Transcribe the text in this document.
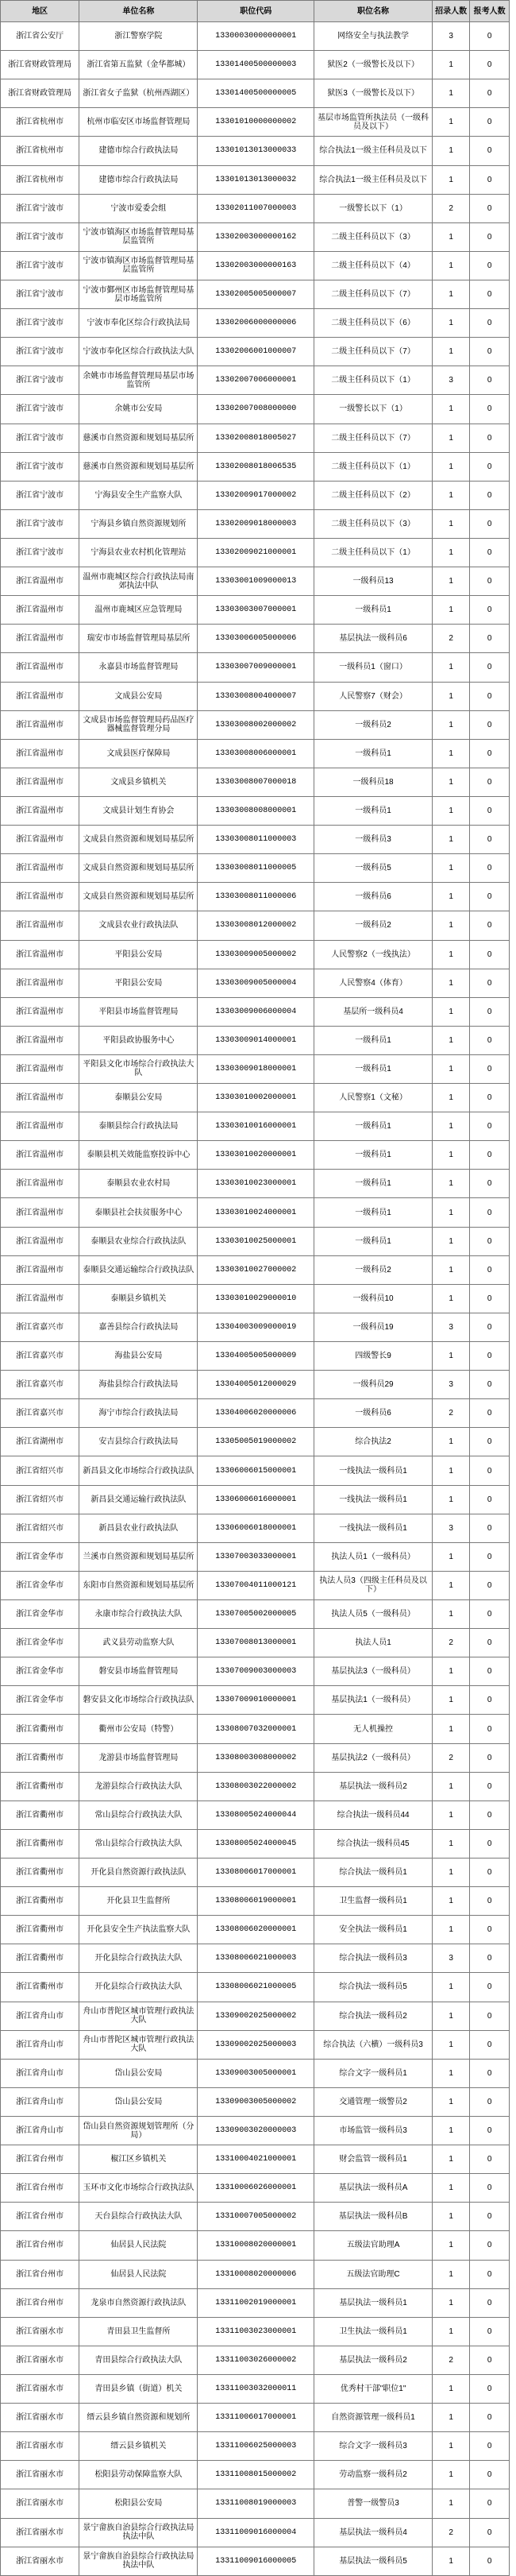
地区	单位名称	职位代码	职位名称	招录人数	报考人数
浙江省公安厅	浙江警察学院	13300030000000001	网络安全与执法教学	3	0
浙江省财政管理局	浙江省第五监狱（金华都城）	13301400500000003	狱医2（一级警长及以下）	1	0
浙江省财政管理局	浙江省女子监狱（杭州西湖区）	13301400500000005	狱医3（一级警长及以下）	1	0
浙江省杭州市	杭州市临安区市场监督管理局	13301010000000002	基层市场监管所执法员（一级科员及以下）	1	0
浙江省杭州市	建德市综合行政执法局	13301013013000033	综合执法1一级主任科员及以下	1	0
浙江省杭州市	建德市综合行政执法局	13301013013000032	综合执法1一级主任科员及以下	1	0
浙江省宁波市	宁波市爱委会组	13302011007000003	一级警长以下（1）	2	0
浙江省宁波市	宁波市镇海区市场监督管理局基层监管所	13302003000000162	二级主任科员以下（3）	1	0
浙江省宁波市	宁波市镇海区市场监督管理局基层监管所	13302003000000163	二级主任科员以下（4）	1	0
浙江省宁波市	宁波市鄞州区市场监督管理局基层市场监管所	13302005005000007	二级主任科员以下（7）	1	0
浙江省宁波市	宁波市奉化区综合行政执法局	13302006000000006	二级主任科员以下（6）	1	0
浙江省宁波市	宁波市奉化区综合行政执法大队	13302006001000007	二级主任科员以下（7）	1	0
浙江省宁波市	余姚市市场监督管理局基层市场监管所	13302007006000001	二级主任科员以下（1）	3	0
浙江省宁波市	余姚市公安局	13302007008000000	一级警长以下（1）	1	0
浙江省宁波市	慈溪市自然资源和规划局基层所	13302008018005027	二级主任科员以下（7）	1	0
浙江省宁波市	慈溪市自然资源和规划局基层所	13302008018006535	二级主任科员以下（1）	1	0
浙江省宁波市	宁海县安全生产监察大队	13302009017000002	二级主任科员以下（2）	1	0
浙江省宁波市	宁海县乡镇自然资源规划所	13302009018000003	二级主任科员以下（3）	1	0
浙江省宁波市	宁海县农业农村机化管理站	13302009021000001	二级主任科员以下（1）	1	0
浙江省温州市	温州市鹿城区综合行政执法局南郊执法中队	13303001009000013	一级科员13	1	0
浙江省温州市	温州市鹿城区应急管理局	13303003007000001	一级科员1	1	0
浙江省温州市	瑞安市市场监督管理局基层所	13303006005000006	基层执法一级科员6	2	0
浙江省温州市	永嘉县市场监督管理局	13303007009000001	一级科员1（窗口）	1	0
浙江省温州市	文成县公安局	13303008004000007	人民警察7（财会）	1	0
浙江省温州市	文成县市场监督管理局药品医疗器械监督管理分局	13303008002000002	一级科员2	1	0
浙江省温州市	文成县医疗保障局	13303008006000001	一级科员1	1	0
浙江省温州市	文成县乡镇机关	13303008007000018	一级科员18	1	0
浙江省温州市	文成县计划生育协会	13303008008000001	一级科员1	1	0
浙江省温州市	文成县自然资源和规划局基层所	13303008011000003	一级科员3	1	0
浙江省温州市	文成县自然资源和规划局基层所	13303008011000005	一级科员5	1	0
浙江省温州市	文成县自然资源和规划局基层所	13303008011000006	一级科员6	1	0
浙江省温州市	文成县农业行政执法队	13303008012000002	一级科员2	1	0
浙江省温州市	平阳县公安局	13303009005000002	人民警察2（一线执法）	1	0
浙江省温州市	平阳县公安局	13303009005000004	人民警察4（体育）	1	0
浙江省温州市	平阳县市场监督管理局	13303009006000004	基层所一级科员4	1	0
浙江省温州市	平阳县政协服务中心	13303009014000001	一级科员1	1	0
浙江省温州市	平阳县文化市场综合行政执法大队	13303009018000001	一级科员1	1	0
浙江省温州市	泰顺县公安局	13303010002000001	人民警察1（文秘）	1	0
浙江省温州市	泰顺县综合行政执法局	13303010016000001	一级科员1	1	0
浙江省温州市	泰顺县机关效能监察投诉中心	13303010020000001	一级科员1	1	0
浙江省温州市	泰顺县农业农村局	13303010023000001	一级科员1	1	0
浙江省温州市	泰顺县社会扶贫服务中心	13303010024000001	一级科员1	1	0
浙江省温州市	泰顺县农业综合行政执法队	13303010025000001	一级科员1	1	0
浙江省温州市	泰顺县交通运输综合行政执法队	13303010027000002	一级科员2	1	0
浙江省温州市	泰顺县乡镇机关	13303010029000010	一级科员10	1	0
浙江省嘉兴市	嘉善县综合行政执法局	13304003009000019	一级科员19	3	0
浙江省嘉兴市	海盐县公安局	13304005005000009	四级警长9	1	0
浙江省嘉兴市	海盐县综合行政执法局	13304005012000029	一级科员29	3	0
浙江省嘉兴市	海宁市综合行政执法局	13304006020000006	一级科员6	2	0
浙江省湖州市	安吉县综合行政执法局	13305005019000002	综合执法2	1	0
浙江省绍兴市	新昌县文化市场综合行政执法队	13306006015000001	一线执法一级科员1	1	0
浙江省绍兴市	新昌县交通运输行政执法队	13306006016000001	一线执法一级科员1	1	0
浙江省绍兴市	新昌县农业行政执法队	13306006018000001	一线执法一级科员1	3	0
浙江省金华市	兰溪市自然资源和规划局基层所	13307003033000001	执法人员1（一级科员）	1	0
浙江省金华市	东阳市自然资源和规划局基层所	13307004011000121	执法人员3（四级主任科员及以下）	1	0
浙江省金华市	永康市综合行政执法大队	13307005002000005	执法人员5（一级科员）	1	0
浙江省金华市	武义县劳动监察大队	13307008013000001	执法人员1	2	0
浙江省金华市	磐安县市场监督管理局	13307009003000003	基层执法3（一级科员）	1	0
浙江省金华市	磐安县文化市场综合行政执法队	13307009010000001	基层执法1（一级科员）	1	0
浙江省衢州市	衢州市公安局（特警）	13308007032000001	无人机操控	1	0
浙江省衢州市	龙游县市场监督管理局	13308003008000002	基层执法2（一级科员）	2	0
浙江省衢州市	龙游县综合行政执法大队	13308003022000002	基层执法一级科员2	1	0
浙江省衢州市	常山县综合行政执法大队	13308005024000044	综合执法一级科员44	1	0
浙江省衢州市	常山县综合行政执法大队	13308005024000045	综合执法一级科员45	1	0
浙江省衢州市	开化县自然资源行政执法队	13308006017000001	综合执法一级科员1	1	0
浙江省衢州市	开化县卫生监督所	13308006019000001	卫生监督一级科员1	1	0
浙江省衢州市	开化县安全生产执法监察大队	13308006020000001	安全执法一级科员1	1	0
浙江省衢州市	开化县综合行政执法大队	13308006021000003	综合执法一级科员3	3	0
浙江省衢州市	开化县综合行政执法大队	13308006021000005	综合执法一级科员5	1	0
浙江省舟山市	舟山市普陀区城市管理行政执法大队	13309002025000002	综合执法一级科员2	1	0
浙江省舟山市	舟山市普陀区城市管理行政执法大队	13309002025000003	综合执法（六横）一级科员3	1	0
浙江省舟山市	岱山县公安局	13309003005000001	综合文字一级科员1	1	0
浙江省舟山市	岱山县公安局	13309003005000002	交通管理一级警员2	1	0
浙江省舟山市	岱山县自然资源规划管理所（分局）	13309003020000003	市场监管一级科员3	1	0
浙江省台州市	椒江区乡镇机关	13310004021000001	财会监管一级科员1	1	0
浙江省台州市	玉环市文化市场综合行政执法队	13310006026000001	基层执法一级科员A	1	0
浙江省台州市	天台县综合行政执法大队	13310007005000002	基层执法一级科员B	1	0
浙江省台州市	仙居县人民法院	13310008020000001	五级法官助理A	1	0
浙江省台州市	仙居县人民法院	13310008020000006	五级法官助理C	1	0
浙江省台州市	龙泉市自然资源行政执法队	13311002019000001	基层执法一级科员1	1	0
浙江省丽水市	青田县卫生监督所	13311003023000001	卫生执法一级科员1	1	0
浙江省丽水市	青田县综合行政执法大队	13311003026000002	基层执法一级科员2	2	0
浙江省丽水市	青田县乡镇（街道）机关	13311003032000011	优秀村干部"职位1"	1	0
浙江省丽水市	缙云县乡镇自然资源和规划所	13311006017000001	自然资源管理一级科员1	1	0
浙江省丽水市	缙云县乡镇机关	13311006025000003	综合文字一级科员3	1	0
浙江省丽水市	松阳县劳动保障监察大队	13311008015000002	劳动监察一级科员2	1	0
浙江省丽水市	松阳县公安局	13311008019000003	普警一级警员3	1	0
浙江省丽水市	景宁畲族自治县综合行政执法局执法中队	13311009016000004	基层执法一级科员4	2	0
浙江省丽水市	景宁畲族自治县综合行政执法局执法中队	13311009016000005	基层执法一级科员5	1	0
